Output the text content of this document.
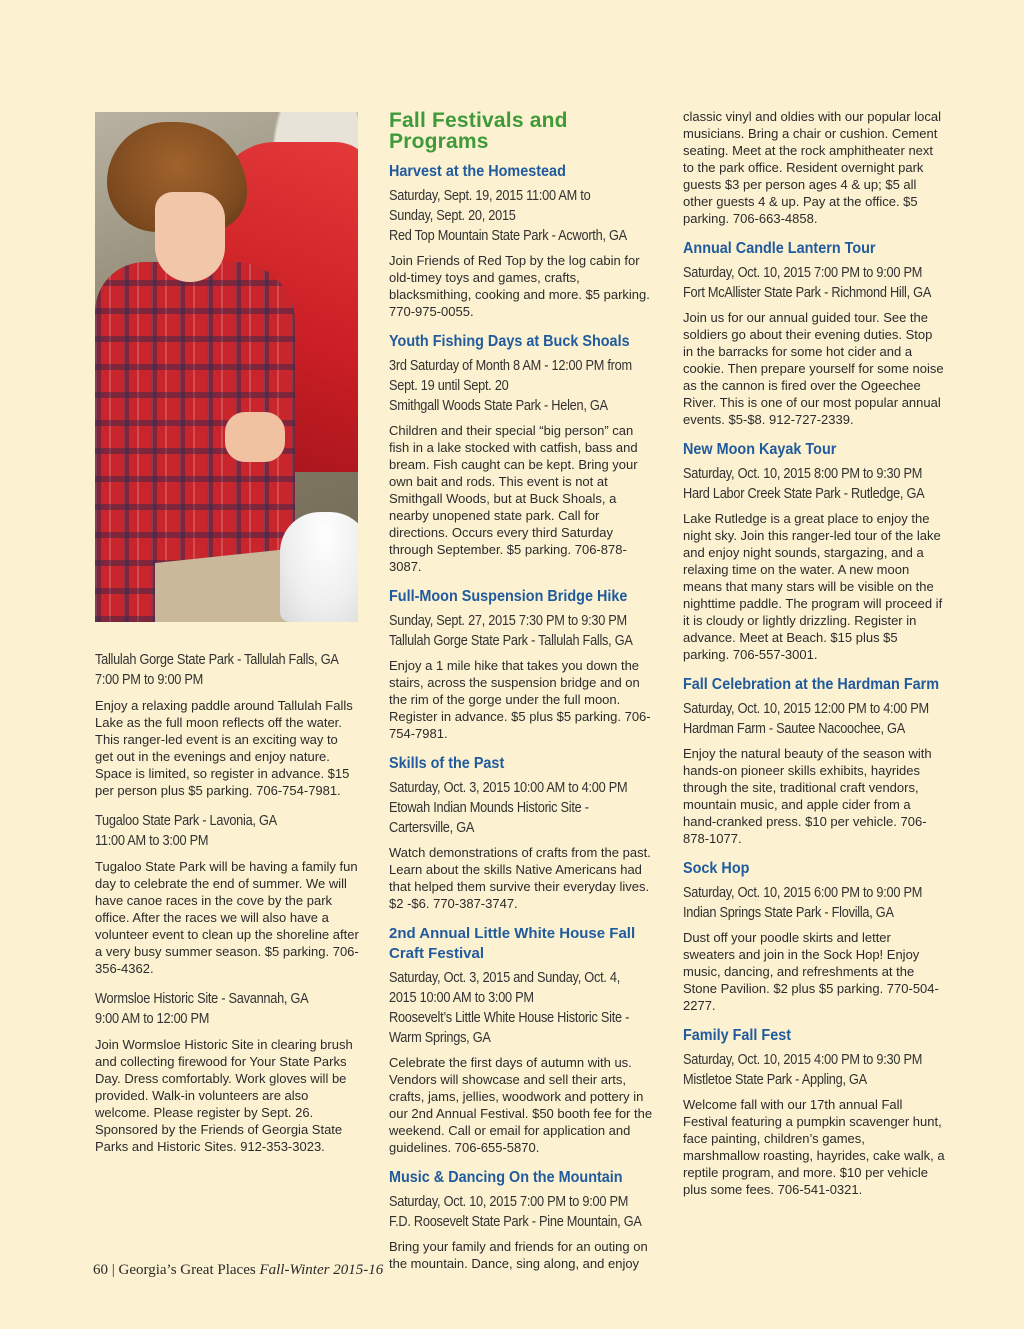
Tallulah Gorge State Park - Tallulah Falls, GA

7:00 PM to 9:00 PM

Enjoy a relaxing paddle around Tallulah Falls Lake as the full moon reflects off the water. This ranger-led event is an exciting way to get out in the evenings and enjoy nature. Space is limited, so register in advance. $15 per person plus $5 parking. 706-754-7981.

Tugaloo State Park - Lavonia, GA

11:00 AM to 3:00 PM

Tugaloo State Park will be having a family fun day to celebrate the end of summer. We will have canoe races in the cove by the park office. After the races we will also have a volunteer event to clean up the shoreline after a very busy summer season. $5 parking. 706-356-4362.

Wormsloe Historic Site - Savannah, GA

9:00 AM to 12:00 PM

Join Wormsloe Historic Site in clearing brush and collecting firewood for Your State Parks Day. Dress comfortably. Work gloves will be provided. Walk-in volunteers are also welcome. Please register by Sept. 26. Sponsored by the Friends of Georgia State Parks and Historic Sites. 912-353-3023.

Fall Festivals and Programs
Harvest at the Homestead

Saturday, Sept. 19, 2015 11:00 AM to

Sunday, Sept. 20, 2015

Red Top Mountain State Park - Acworth, GA

Join Friends of Red Top by the log cabin for old-timey toys and games, crafts, blacksmithing, cooking and more. $5 parking. 770-975-0055.

Youth Fishing Days at Buck Shoals

3rd Saturday of Month 8 AM - 12:00 PM from

Sept. 19 until Sept. 20

Smithgall Woods State Park - Helen, GA

Children and their special “big person” can fish in a lake stocked with catfish, bass and bream. Fish caught can be kept. Bring your own bait and rods. This event is not at Smithgall Woods, but at Buck Shoals, a nearby unopened state park. Call for directions. Occurs every third Saturday through September. $5 parking. 706-878-3087.

Full-Moon Suspension Bridge Hike

Sunday, Sept. 27, 2015 7:30 PM to 9:30 PM

Tallulah Gorge State Park - Tallulah Falls, GA

Enjoy a 1 mile hike that takes you down the stairs, across the suspension bridge and on the rim of the gorge under the full moon. Register in advance. $5 plus $5 parking. 706-754-7981.

Skills of the Past

Saturday, Oct. 3, 2015 10:00 AM to 4:00 PM

Etowah Indian Mounds Historic Site -

Cartersville, GA

Watch demonstrations of crafts from the past. Learn about the skills Native Americans had that helped them survive their everyday lives. $2 -$6. 770-387-3747.

2nd Annual Little White House Fall Craft Festival

Saturday, Oct. 3, 2015 and Sunday, Oct. 4,

2015 10:00 AM to 3:00 PM

Roosevelt’s Little White House Historic Site -

Warm Springs, GA

Celebrate the first days of autumn with us. Vendors will showcase and sell their arts, crafts, jams, jellies, woodwork and pottery in our 2nd Annual Festival. $50 booth fee for the weekend. Call or email for application and guidelines. 706-655-5870.

Music & Dancing On the Mountain

Saturday, Oct. 10, 2015 7:00 PM to 9:00 PM

F.D. Roosevelt State Park - Pine Mountain, GA

Bring your family and friends for an outing on the mountain. Dance, sing along, and enjoy

classic vinyl and oldies with our popular local musicians. Bring a chair or cushion. Cement seating. Meet at the rock amphitheater next to the park office. Resident overnight park guests $3 per person ages 4 & up; $5 all other guests 4 & up. Pay at the office. $5 parking. 706-663-4858.

Annual Candle Lantern Tour

Saturday, Oct. 10, 2015 7:00 PM to 9:00 PM

Fort McAllister State Park - Richmond Hill, GA

Join us for our annual guided tour. See the soldiers go about their evening duties. Stop in the barracks for some hot cider and a cookie. Then prepare yourself for some noise as the cannon is fired over the Ogeechee River. This is one of our most popular annual events. $5-$8. 912-727-2339.

New Moon Kayak Tour

Saturday, Oct. 10, 2015 8:00 PM to 9:30 PM

Hard Labor Creek State Park - Rutledge, GA

Lake Rutledge is a great place to enjoy the night sky. Join this ranger-led tour of the lake and enjoy night sounds, stargazing, and a relaxing time on the water. A new moon means that many stars will be visible on the nighttime paddle. The program will proceed if it is cloudy or lightly drizzling. Register in advance. Meet at Beach. $15 plus $5 parking. 706-557-3001.

Fall Celebration at the Hardman Farm

Saturday, Oct. 10, 2015 12:00 PM to 4:00 PM

Hardman Farm - Sautee Nacoochee, GA

Enjoy the natural beauty of the season with hands-on pioneer skills exhibits, hayrides through the site, traditional craft vendors, mountain music, and apple cider from a hand-cranked press. $10 per vehicle. 706-878-1077.

Sock Hop

Saturday, Oct. 10, 2015 6:00 PM to 9:00 PM

Indian Springs State Park - Flovilla, GA

Dust off your poodle skirts and letter sweaters and join in the Sock Hop! Enjoy music, dancing, and refreshments at the Stone Pavilion. $2 plus $5 parking. 770-504-2277.

Family Fall Fest

Saturday, Oct. 10, 2015 4:00 PM to 9:30 PM

Mistletoe State Park - Appling, GA

Welcome fall with our 17th annual Fall Festival featuring a pumpkin scavenger hunt, face painting, children’s games, marshmallow roasting, hayrides, cake walk, a reptile program, and more. $10 per vehicle plus some fees. 706-541-0321.

60 | Georgia’s Great Places Fall-Winter 2015-16
